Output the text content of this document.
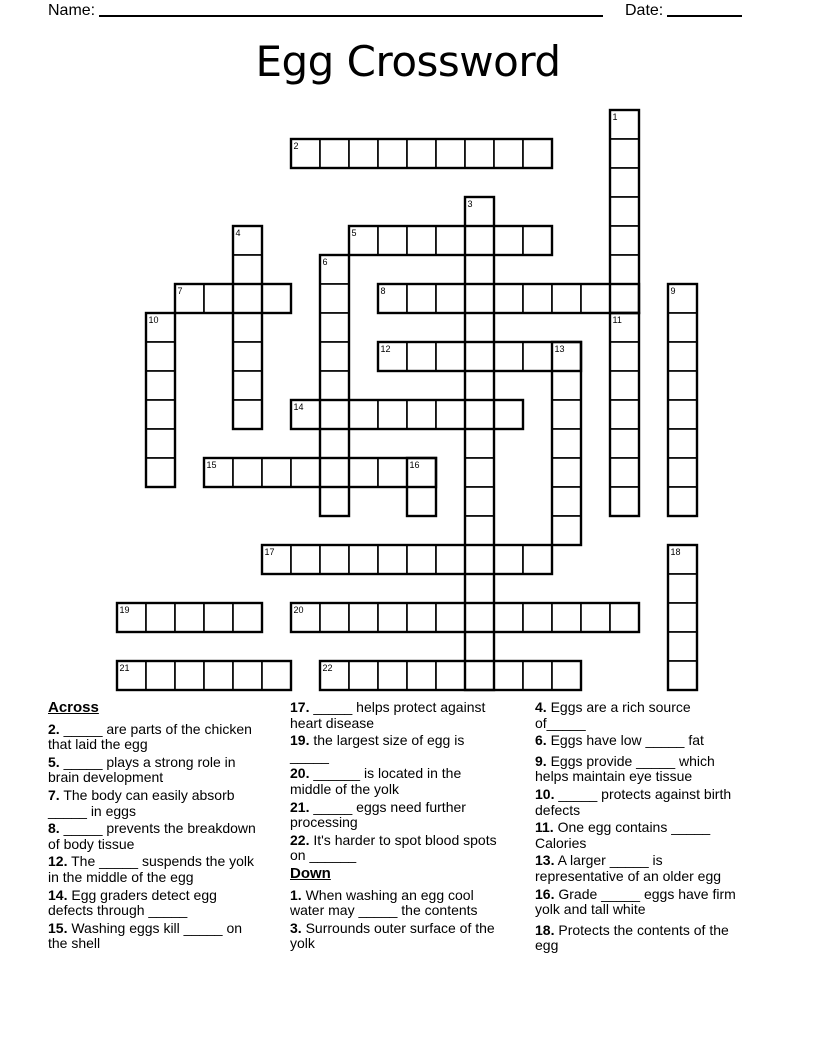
Name:	Date:
Egg Crossword
1
2
3
4	5
6
7	8	9
10	11
12	13
14
15	16
17	18
19	20
21	22
Across
2. _____ are parts of the chicken that laid the egg
5. _____ plays a strong role in brain development
7. The body can easily absorb _____ in eggs
8. _____ prevents the breakdown of body tissue
12. The _____ suspends the yolk in the middle of the egg
14. Egg graders detect egg defects through _____
15. Washing eggs kill _____ on the shell
17. _____ helps protect against heart disease
19. the largest size of egg is _____
20. ______ is located in the middle of the yolk
21. _____ eggs need further processing
22. It's harder to spot blood spots on ______
Down
1. When washing an egg cool water may _____ the contents
3. Surrounds outer surface of the yolk
4. Eggs are a rich source of_____
6. Eggs have low _____ fat
9. Eggs provide _____ which helps maintain eye tissue
10. _____ protects against birth defects
11. One egg contains _____ Calories
13. A larger _____ is representative of an older egg
16. Grade _____ eggs have firm yolk and tall white
18. Protects the contents of the egg
